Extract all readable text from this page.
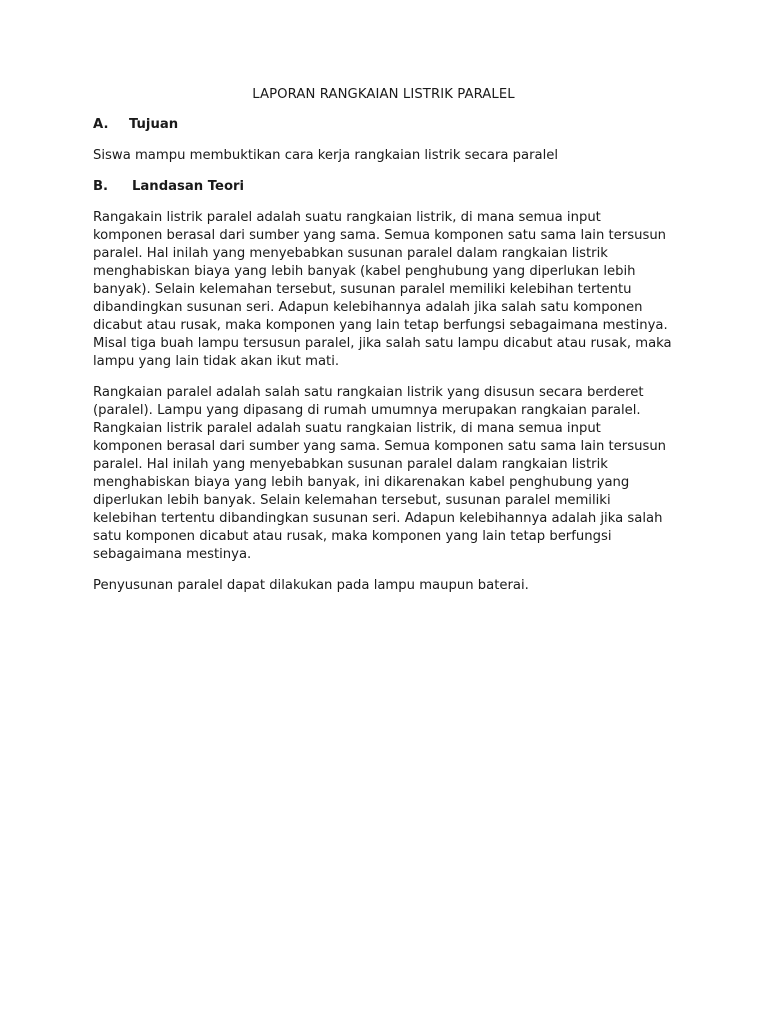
LAPORAN RANGKAIAN LISTRIK PARALEL
A.	Tujuan

Siswa mampu membuktikan cara kerja rangkaian listrik secara paralel

B.	Landasan Teori

Rangakain listrik paralel adalah suatu rangkaian listrik, di mana semua input komponen berasal dari sumber yang sama. Semua komponen satu sama lain tersusun paralel. Hal inilah yang menyebabkan susunan paralel dalam rangkaian listrik menghabiskan biaya yang lebih banyak (kabel penghubung yang diperlukan lebih banyak). Selain kelemahan tersebut, susunan paralel memiliki kelebihan tertentu dibandingkan susunan seri. Adapun kelebihannya adalah jika salah satu komponen dicabut atau rusak, maka komponen yang lain tetap berfungsi sebagaimana mestinya. Misal tiga buah lampu tersusun paralel, jika salah satu lampu dicabut atau rusak, maka lampu yang lain tidak akan ikut mati.

Rangkaian paralel adalah salah satu rangkaian listrik yang disusun secara berderet (paralel). Lampu yang dipasang di rumah umumnya merupakan rangkaian paralel. Rangkaian listrik paralel adalah suatu rangkaian listrik, di mana semua input komponen berasal dari sumber yang sama. Semua komponen satu sama lain tersusun paralel. Hal inilah yang menyebabkan susunan paralel dalam rangkaian listrik menghabiskan biaya yang lebih banyak, ini dikarenakan kabel penghubung yang diperlukan lebih banyak. Selain kelemahan tersebut, susunan paralel memiliki kelebihan tertentu dibandingkan susunan seri. Adapun kelebihannya adalah jika salah satu komponen dicabut atau rusak, maka komponen yang lain tetap berfungsi sebagaimana mestinya.

Penyusunan paralel dapat dilakukan pada lampu maupun baterai.
